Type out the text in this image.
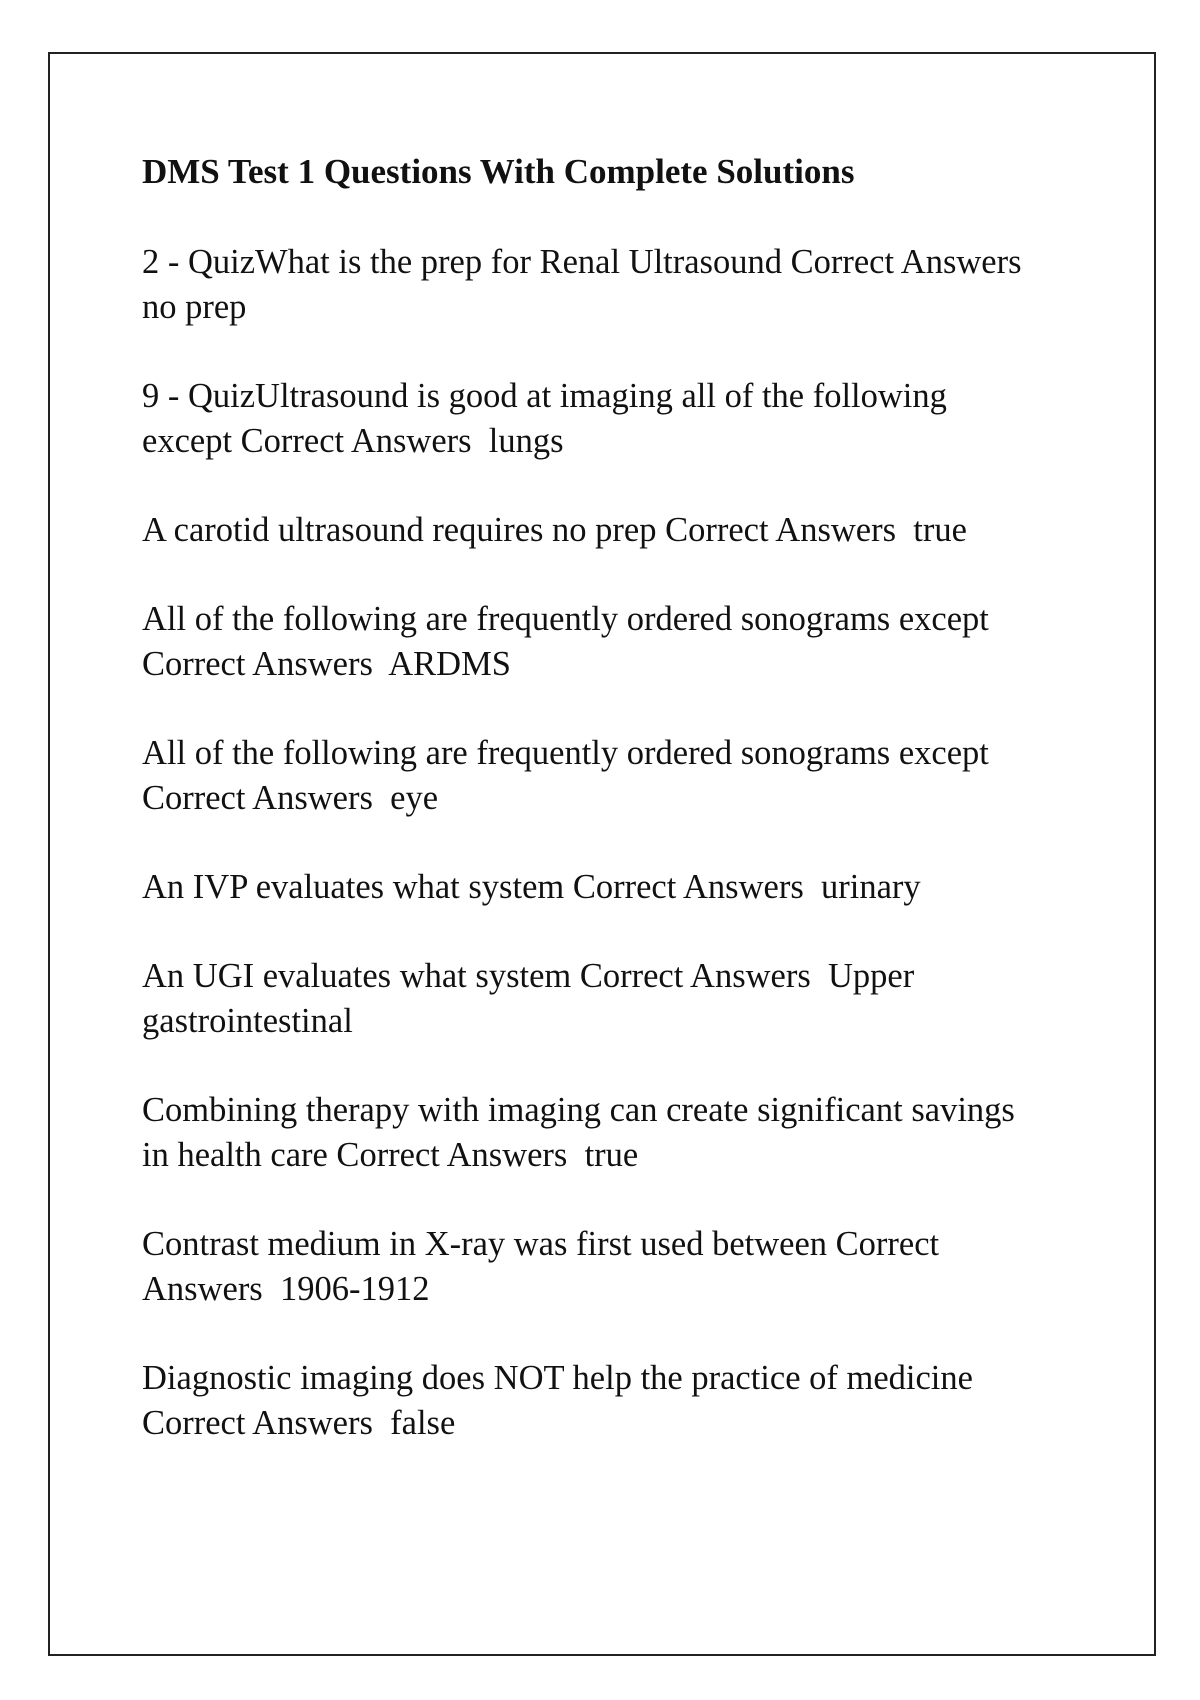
DMS Test 1 Questions With Complete Solutions
2 - QuizWhat is the prep for Renal Ultrasound Correct Answers
no prep
9 - QuizUltrasound is good at imaging all of the following
except Correct Answers  lungs
A carotid ultrasound requires no prep Correct Answers  true
All of the following are frequently ordered sonograms except
Correct Answers  ARDMS
All of the following are frequently ordered sonograms except
Correct Answers  eye
An IVP evaluates what system Correct Answers  urinary
An UGI evaluates what system Correct Answers  Upper
gastrointestinal
Combining therapy with imaging can create significant savings
in health care Correct Answers  true
Contrast medium in X-ray was first used between Correct
Answers  1906-1912
Diagnostic imaging does NOT help the practice of medicine
Correct Answers  false
